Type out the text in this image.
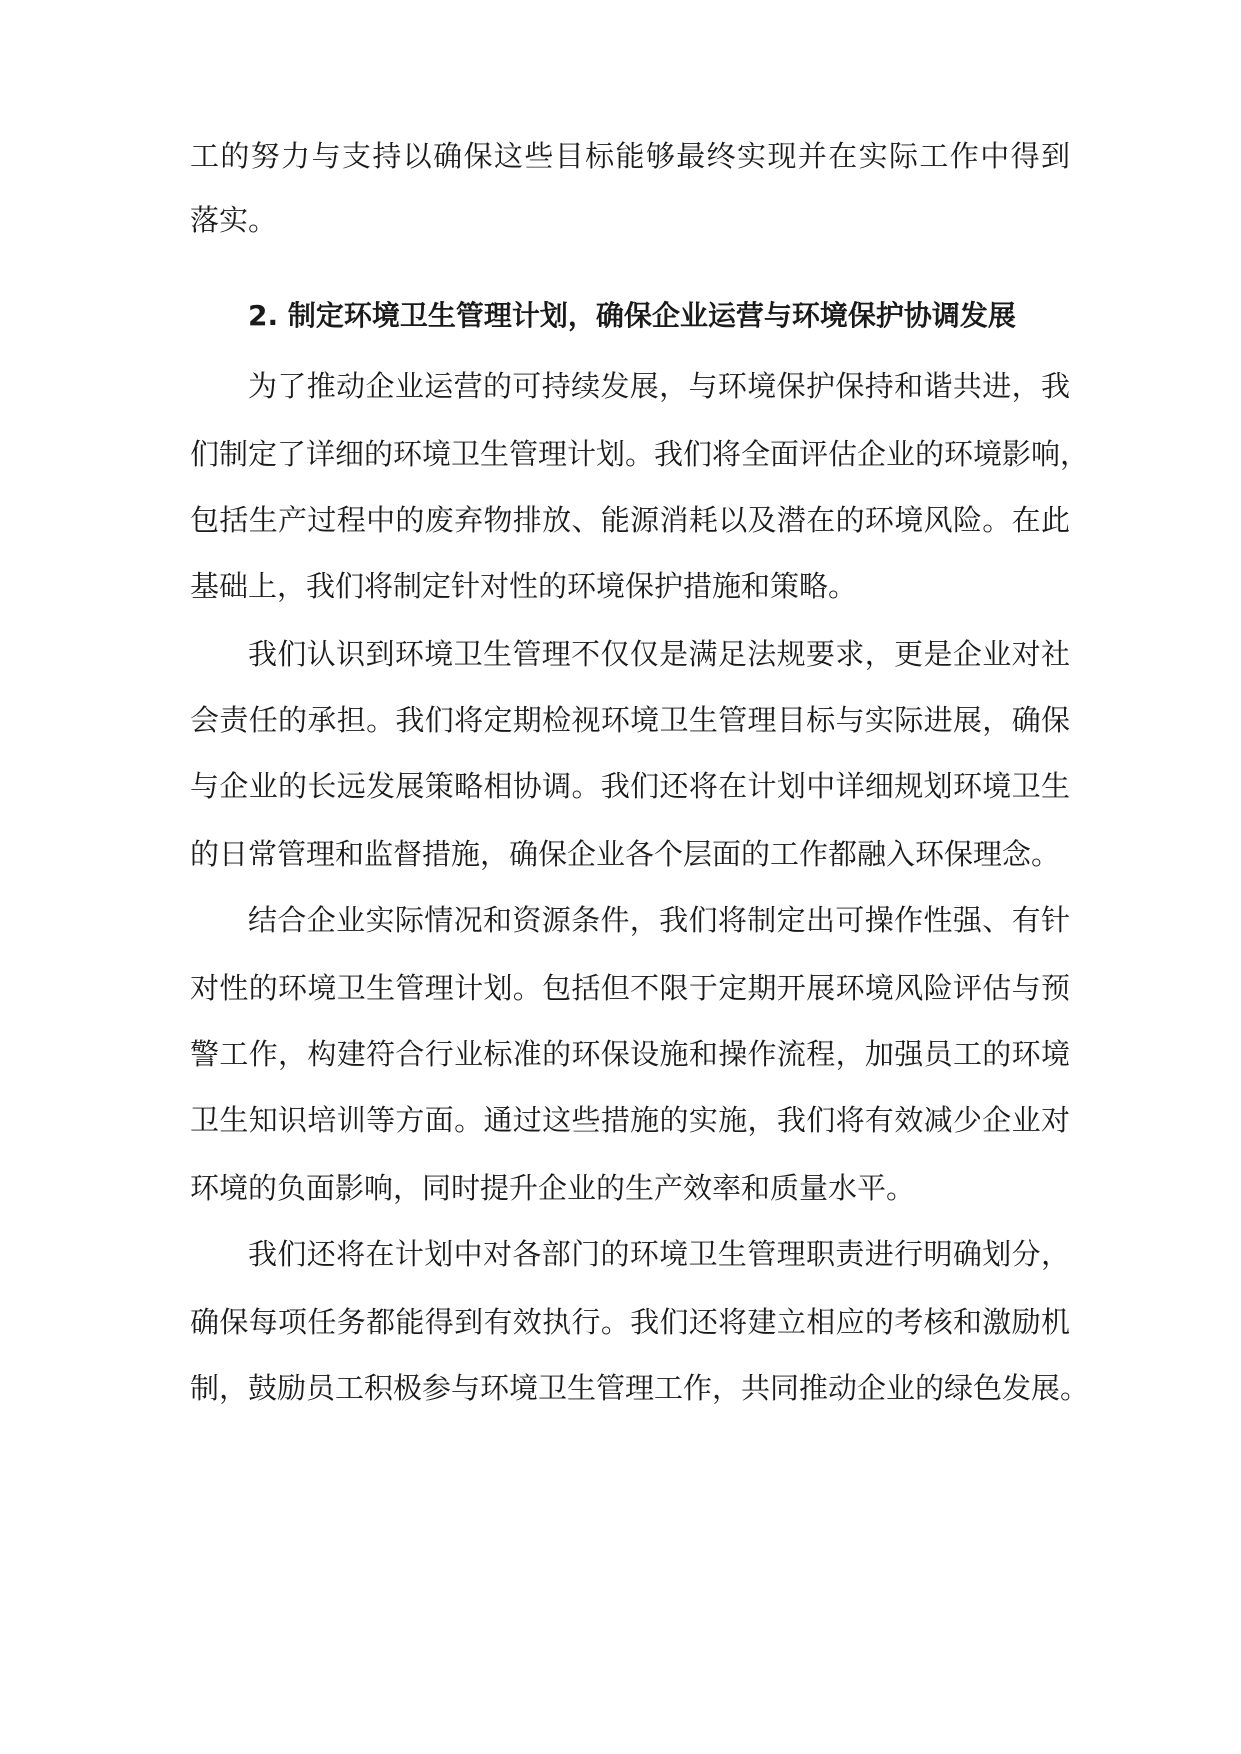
工的努力与支持以确保这些目标能够最终实现并在实际工作中得到
落实。
2. 制定环境卫生管理计划，确保企业运营与环境保护协调发展
为了推动企业运营的可持续发展，与环境保护保持和谐共进，我
们制定了详细的环境卫生管理计划。我们将全面评估企业的环境影响，
包括生产过程中的废弃物排放、能源消耗以及潜在的环境风险。在此
基础上，我们将制定针对性的环境保护措施和策略。
我们认识到环境卫生管理不仅仅是满足法规要求，更是企业对社
会责任的承担。我们将定期检视环境卫生管理目标与实际进展，确保
与企业的长远发展策略相协调。我们还将在计划中详细规划环境卫生
的日常管理和监督措施，确保企业各个层面的工作都融入环保理念。
结合企业实际情况和资源条件，我们将制定出可操作性强、有针
对性的环境卫生管理计划。包括但不限于定期开展环境风险评估与预
警工作，构建符合行业标准的环保设施和操作流程，加强员工的环境
卫生知识培训等方面。通过这些措施的实施，我们将有效减少企业对
环境的负面影响，同时提升企业的生产效率和质量水平。
我们还将在计划中对各部门的环境卫生管理职责进行明确划分，
确保每项任务都能得到有效执行。我们还将建立相应的考核和激励机
制，鼓励员工积极参与环境卫生管理工作，共同推动企业的绿色发展。
